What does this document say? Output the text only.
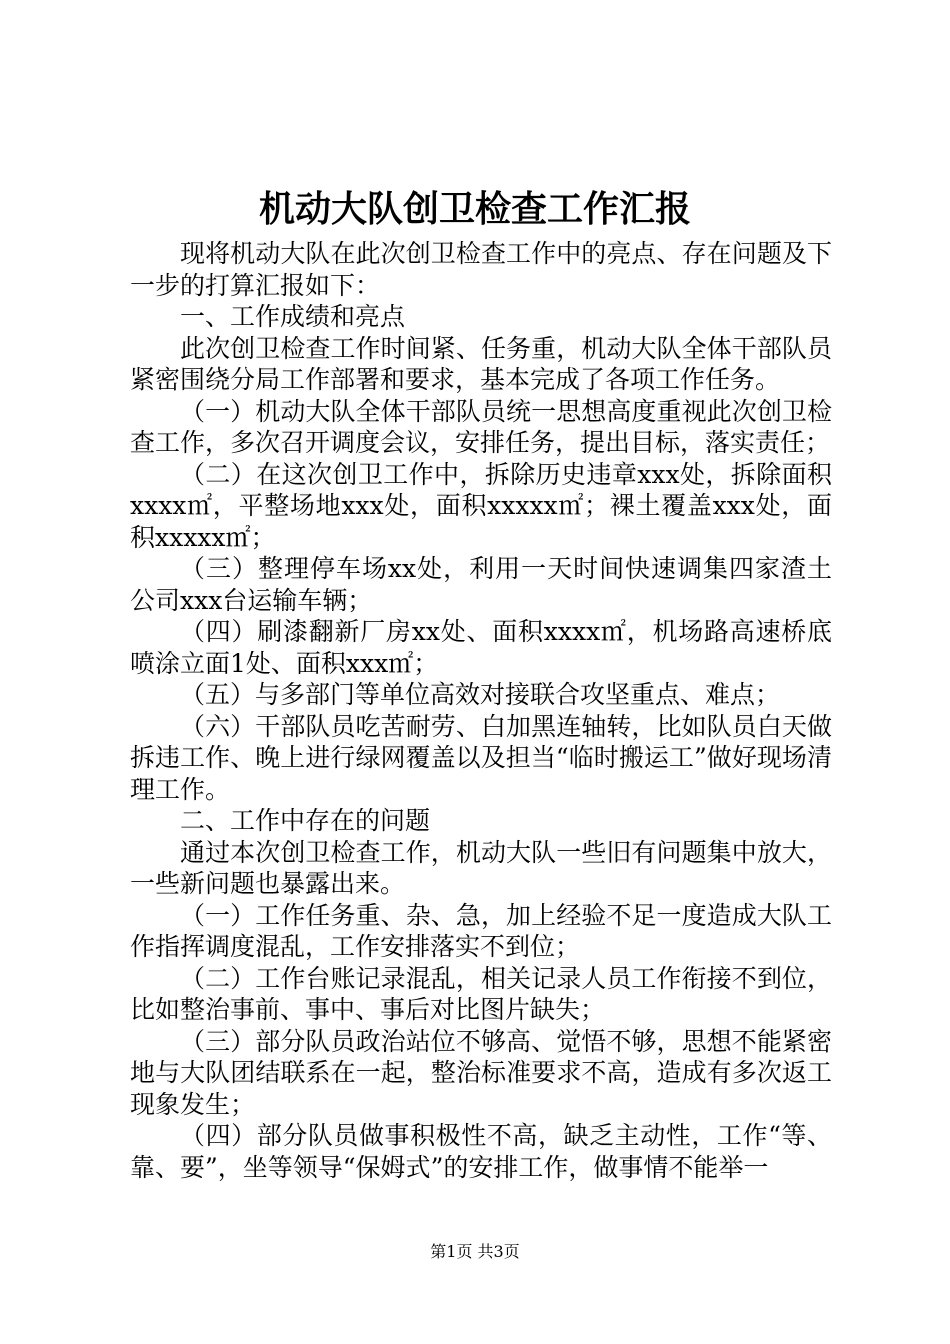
机动大队创卫检查工作汇报

现将机动大队在此次创卫检查工作中的亮点、存在问题及下一步的打算汇报如下：

一、工作成绩和亮点

此次创卫检查工作时间紧、任务重，机动大队全体干部队员紧密围绕分局工作部署和要求，基本完成了各项工作任务。

（一）机动大队全体干部队员统一思想高度重视此次创卫检查工作，多次召开调度会议，安排任务，提出目标，落实责任；

（二）在这次创卫工作中，拆除历史违章xxx处，拆除面积xxxx㎡，平整场地xxx处，面积xxxxx㎡；裸土覆盖xxx处，面积xxxxx㎡；

（三）整理停车场xx处，利用一天时间快速调集四家渣土公司xxx台运输车辆；

（四）刷漆翻新厂房xx处、面积xxxx㎡，机场路高速桥底喷涂立面1处、面积xxx㎡；

（五）与多部门等单位高效对接联合攻坚重点、难点；

（六）干部队员吃苦耐劳、白加黑连轴转，比如队员白天做拆违工作、晚上进行绿网覆盖以及担当“临时搬运工”做好现场清理工作。

二、工作中存在的问题

通过本次创卫检查工作，机动大队一些旧有问题集中放大，一些新问题也暴露出来。

（一）工作任务重、杂、急，加上经验不足一度造成大队工作指挥调度混乱，工作安排落实不到位；

（二）工作台账记录混乱，相关记录人员工作衔接不到位，比如整治事前、事中、事后对比图片缺失；

（三）部分队员政治站位不够高、觉悟不够，思想不能紧密地与大队团结联系在一起，整治标准要求不高，造成有多次返工现象发生；

（四）部分队员做事积极性不高，缺乏主动性，工作“等、靠、要”，坐等领导“保姆式”的安排工作，做事情不能举一

第1页 共3页
